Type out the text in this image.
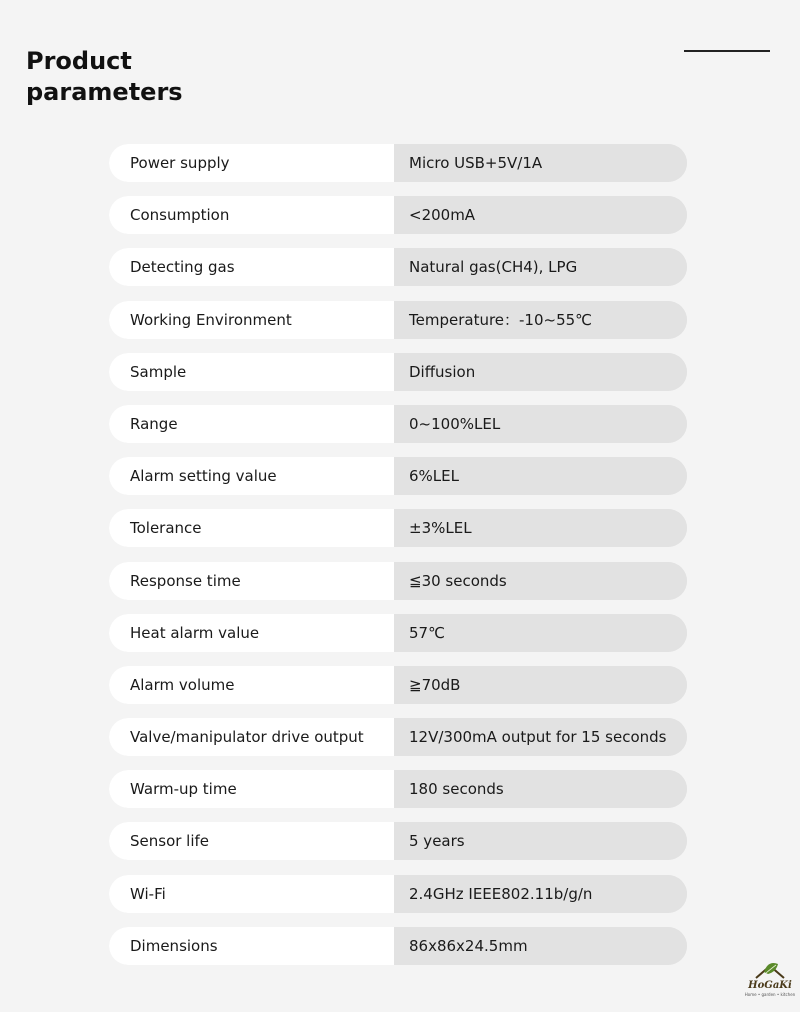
Product
parameters
Power supply	Micro USB+5V/1A
Consumption	<200mA
Detecting gas	Natural gas(CH4), LPG
Working Environment	Temperature：-10~55℃
Sample	Diffusion
Range	0~100%LEL
Alarm setting value	6%LEL
Tolerance	±3%LEL
Response time	≦30 seconds
Heat alarm value	57℃
Alarm volume	≧70dB
Valve/manipulator drive output	12V/300mA output for 15 seconds
Warm-up time	180 seconds
Sensor life	5 years
Wi-Fi	2.4GHz IEEE802.11b/g/n
Dimensions	86x86x24.5mm
HoGaKi
Home • garden • kitchen
